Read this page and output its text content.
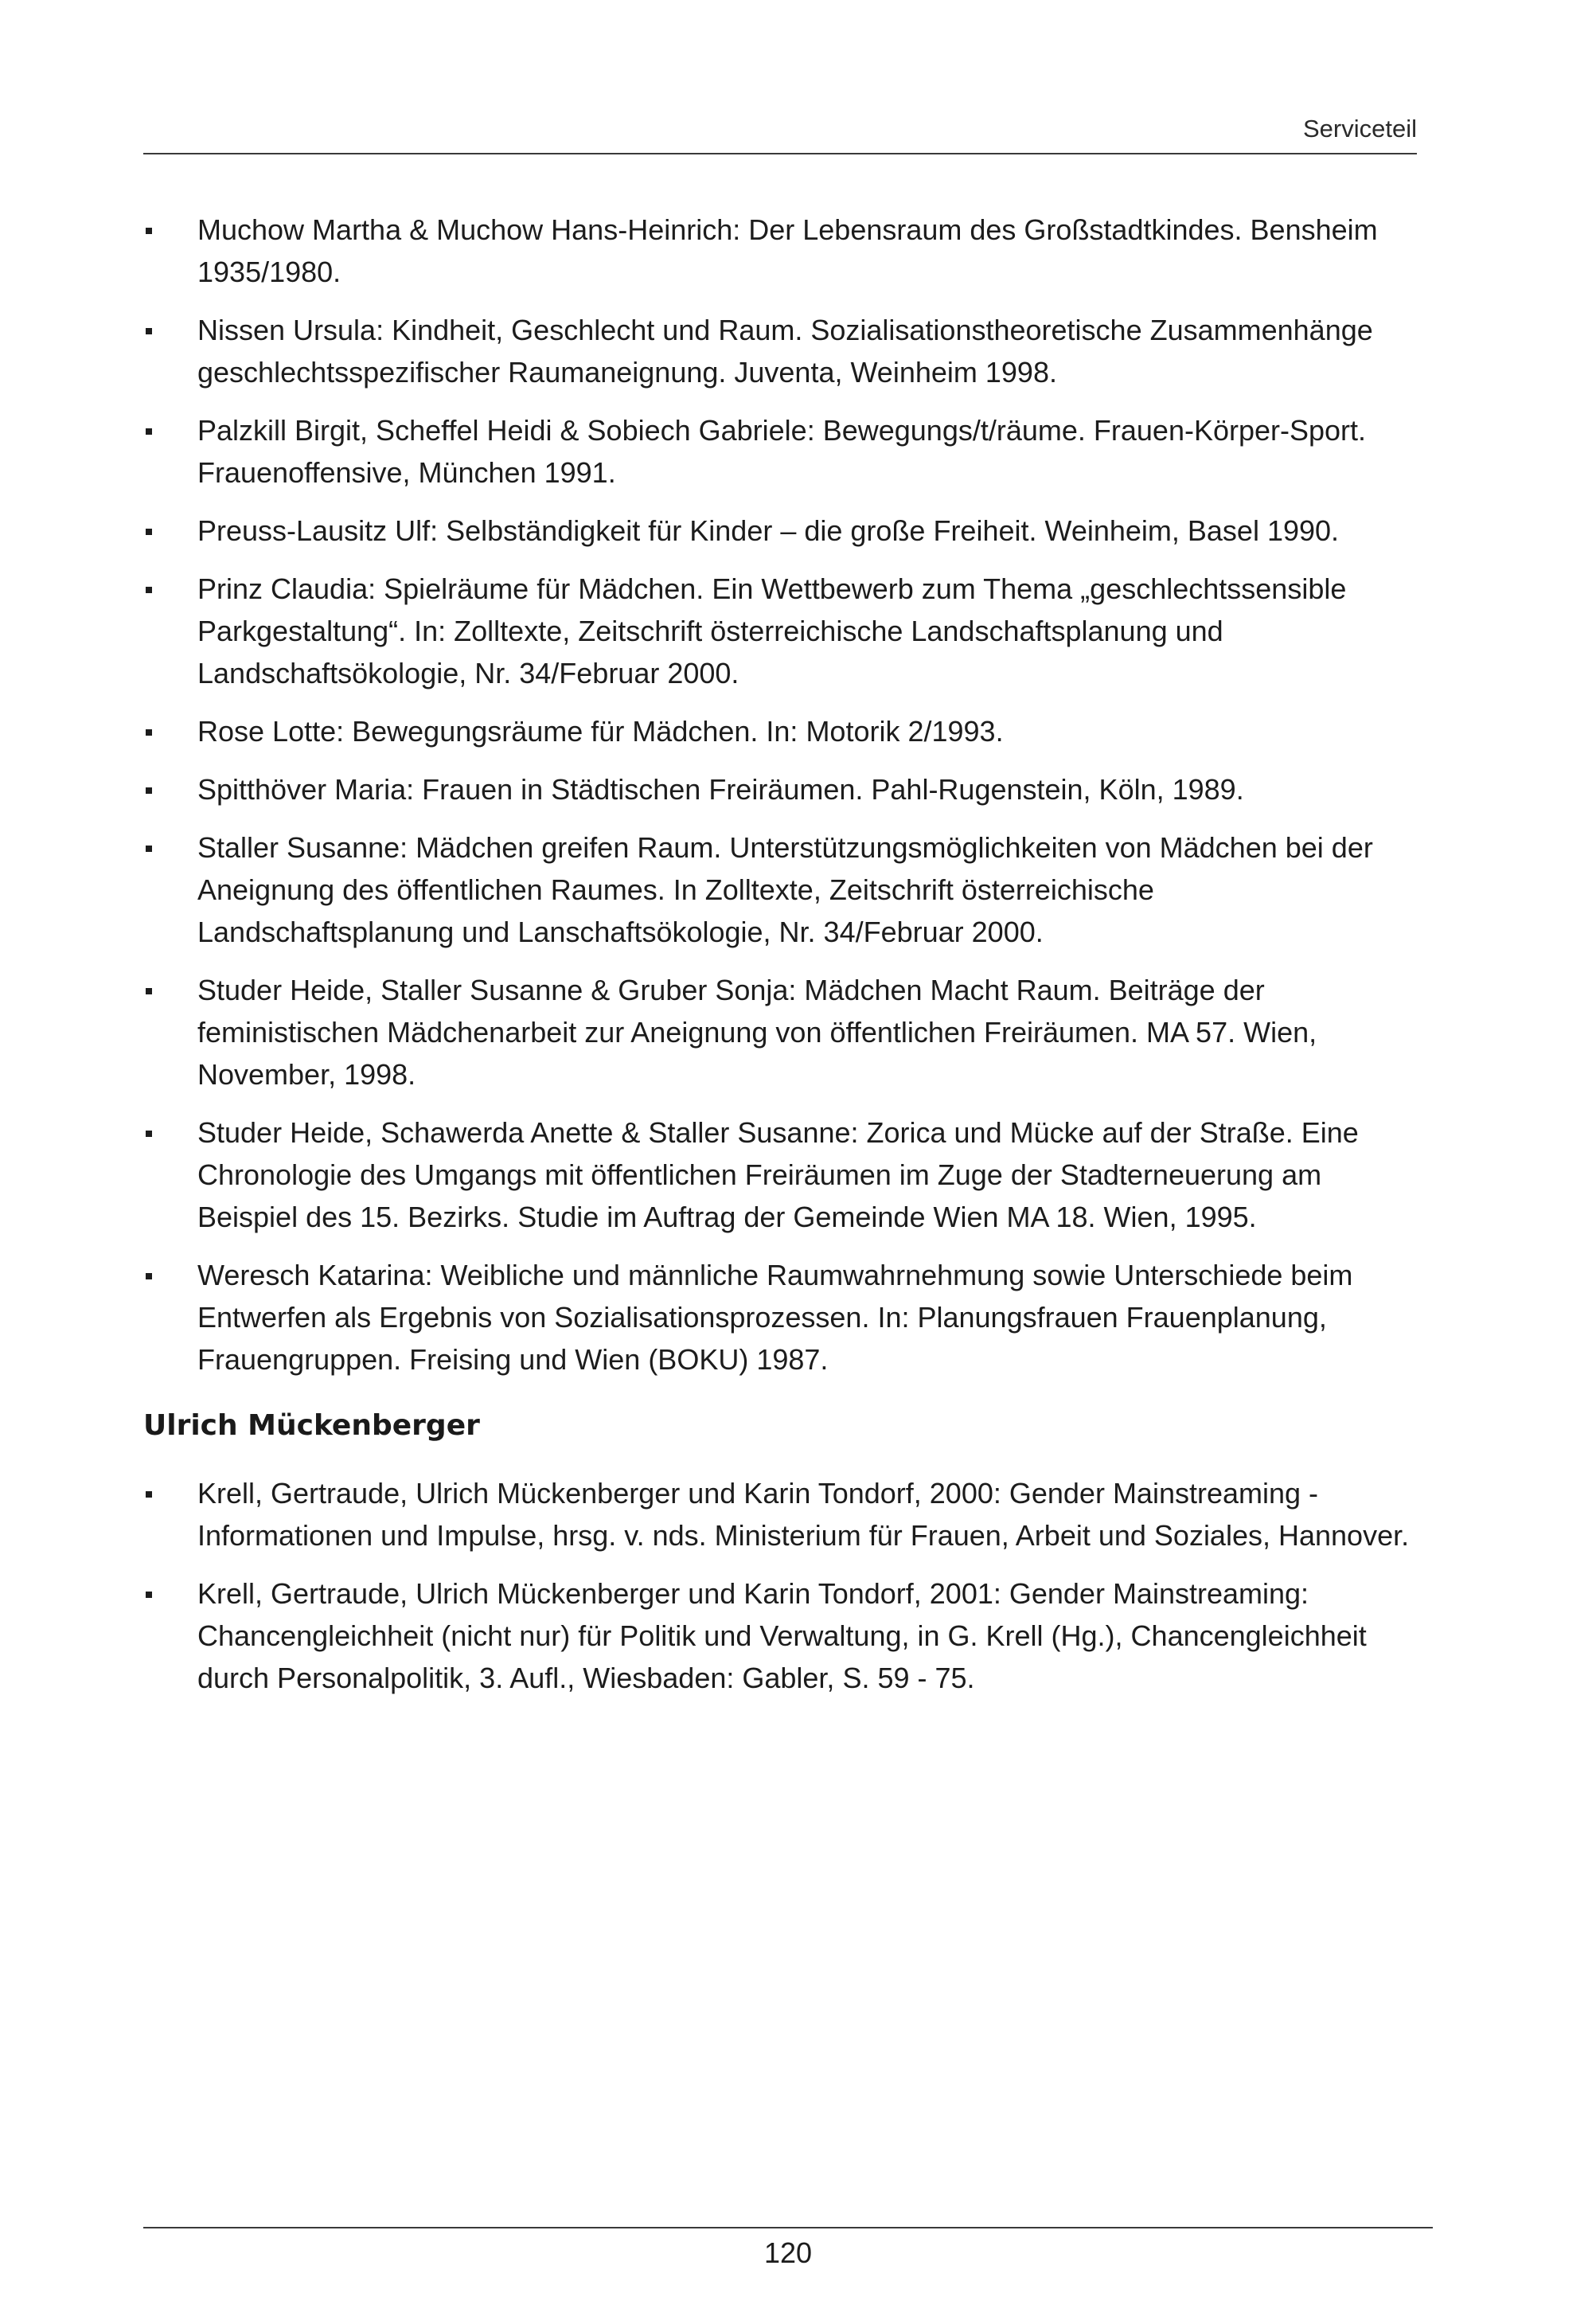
Serviceteil
Muchow Martha & Muchow Hans-Heinrich: Der Lebensraum des Großstadtkindes. Bensheim 1935/1980.
Nissen Ursula: Kindheit, Geschlecht und Raum. Sozialisationstheoretische Zusammenhänge geschlechtsspezifischer Raumaneignung. Juventa, Weinheim 1998.
Palzkill Birgit, Scheffel Heidi & Sobiech Gabriele: Bewegungs/t/räume. Frauen-Körper-Sport. Frauenoffensive, München 1991.
Preuss-Lausitz Ulf: Selbständigkeit für Kinder – die große Freiheit. Weinheim, Basel 1990.
Prinz Claudia: Spielräume für Mädchen. Ein Wettbewerb zum Thema „geschlechtssensible Parkgestaltung“. In: Zolltexte, Zeitschrift österreichische Landschaftsplanung und Landschaftsökologie, Nr. 34/Februar 2000.
Rose Lotte: Bewegungsräume für Mädchen. In: Motorik 2/1993.
Spitthöver Maria: Frauen in Städtischen Freiräumen. Pahl-Rugenstein, Köln, 1989.
Staller Susanne: Mädchen greifen Raum. Unterstützungsmöglichkeiten von Mädchen bei der Aneignung des öffentlichen Raumes. In Zolltexte, Zeitschrift österreichische Landschaftsplanung und Lanschaftsökologie, Nr. 34/Februar 2000.
Studer Heide, Staller Susanne & Gruber Sonja: Mädchen Macht Raum. Beiträge der feministischen Mädchenarbeit zur Aneignung von öffentlichen Freiräumen. MA 57. Wien, November, 1998.
Studer Heide, Schawerda Anette & Staller Susanne: Zorica und Mücke auf der Straße. Eine Chronologie des Umgangs mit öffentlichen Freiräumen im Zuge der Stadterneuerung am Beispiel des 15. Bezirks. Studie im Auftrag der Gemeinde Wien MA 18. Wien, 1995.
Weresch Katarina: Weibliche und männliche Raumwahrnehmung sowie Unterschiede beim Entwerfen als Ergebnis von Sozialisationsprozessen. In: Planungsfrauen Frauenplanung, Frauengruppen. Freising und Wien (BOKU) 1987.
Ulrich Mückenberger
Krell, Gertraude, Ulrich Mückenberger und Karin Tondorf, 2000: Gender Mainstreaming - Informationen und Impulse, hrsg. v. nds. Ministerium für Frauen, Arbeit und Soziales, Hannover.
Krell, Gertraude, Ulrich Mückenberger und Karin Tondorf, 2001: Gender Mainstreaming: Chancengleichheit (nicht nur) für Politik und Verwaltung, in G. Krell (Hg.), Chancengleichheit durch Personalpolitik, 3. Aufl., Wiesbaden: Gabler, S. 59 - 75.
120
